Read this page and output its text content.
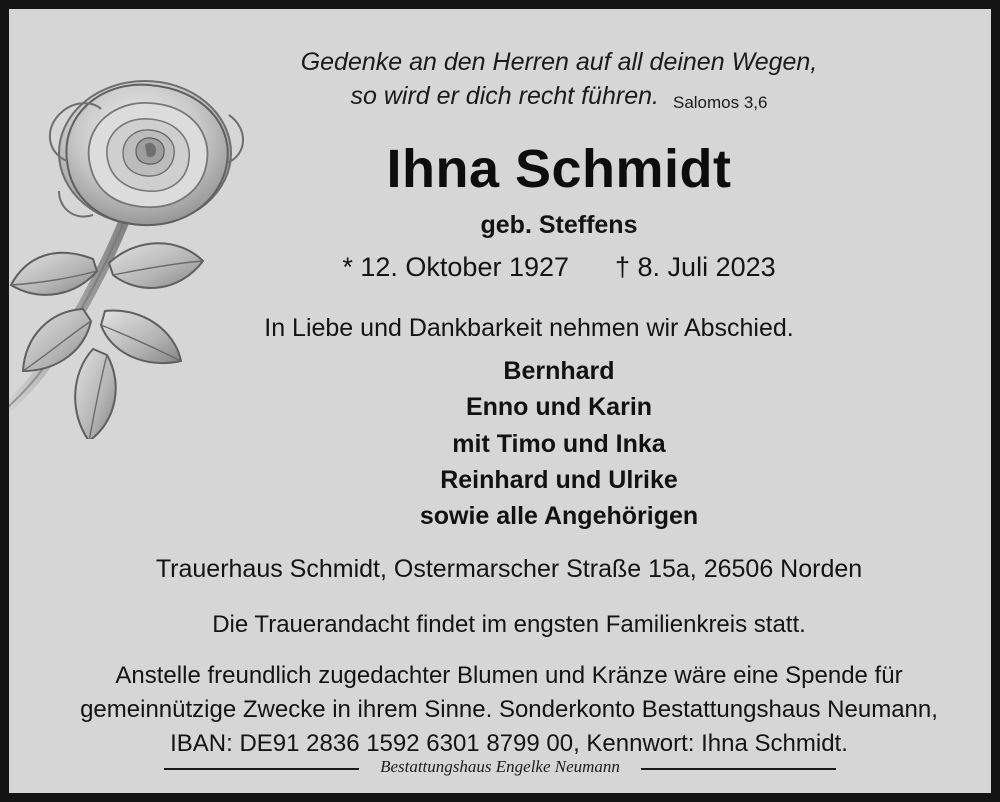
Gedenke an den Herren auf all deinen Wegen,
so wird er dich recht führen. Salomos 3,6
Ihna Schmidt
geb. Steffens
* 12. Oktober 1927 † 8. Juli 2023
In Liebe und Dankbarkeit nehmen wir Abschied.
Bernhard
Enno und Karin
mit Timo und Inka
Reinhard und Ulrike
sowie alle Angehörigen
Trauerhaus Schmidt, Ostermarscher Straße 15a, 26506 Norden
Die Trauerandacht findet im engsten Familienkreis statt.
Anstelle freundlich zugedachter Blumen und Kränze wäre eine Spende für
gemeinnützige Zwecke in ihrem Sinne. Sonderkonto Bestattungshaus Neumann,
IBAN: DE91 2836 1592 6301 8799 00, Kennwort: Ihna Schmidt.
Bestattungshaus Engelke Neumann
